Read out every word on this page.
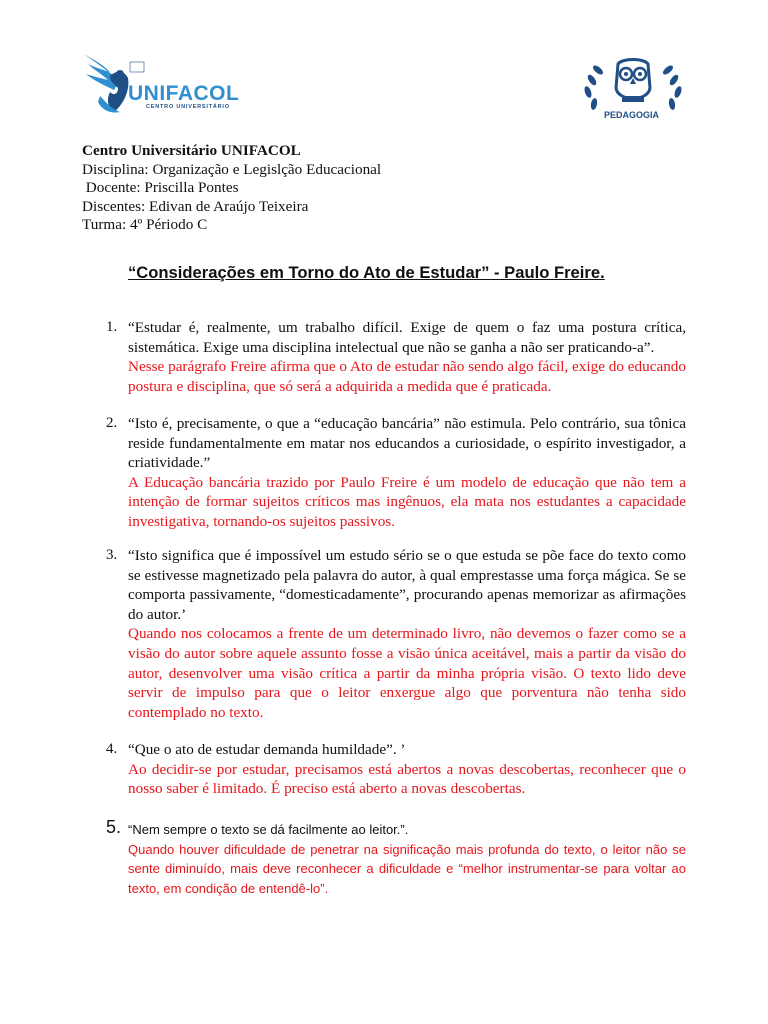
UNIFACOL
CENTRO UNIVERSITÁRIO
PEDAGOGIA
Centro Universitário UNIFACOL
Disciplina: Organização e Legislção Educacional
Docente: Priscilla Pontes
Discentes: Edivan de Araújo Teixeira
Turma: 4º Périodo C
“Considerações em Torno do Ato de Estudar” - Paulo Freire.
1. “Estudar é, realmente, um trabalho difícil. Exige de quem o faz uma postura crítica, sistemática. Exige uma disciplina intelectual que não se ganha a não ser praticando-a”.
Nesse parágrafo Freire afirma que o Ato de estudar não sendo algo fácil, exige do educando postura e disciplina, que só será a adquirida a medida que é praticada.
2. “Isto é, precisamente, o que a “educação bancária” não estimula. Pelo contrário, sua tônica reside fundamentalmente em matar nos educandos a curiosidade, o espírito investigador, a criatividade.”
A Educação bancária trazido por Paulo Freire é um modelo de educação que não tem a intenção de formar sujeitos críticos mas ingênuos, ela mata nos estudantes a capacidade investigativa, tornando-os sujeitos passivos.
3. “Isto significa que é impossível um estudo sério se o que estuda se põe face do texto como se estivesse magnetizado pela palavra do autor, à qual emprestasse uma força mágica. Se se comporta passivamente, “domesticadamente”, procurando apenas memorizar as afirmações do autor.’
Quando nos colocamos a frente de um determinado livro, não devemos o fazer como se a visão do autor sobre aquele assunto fosse a visão única aceitável, mais a partir da visão do autor, desenvolver uma visão crítica a partir da minha própria visão. O texto lido deve servir de impulso para que o leitor enxergue algo que porventura não tenha sido contemplado no texto.
4. “Que o ato de estudar demanda humildade”. ’
Ao decidir-se por estudar, precisamos está abertos a novas descobertas, reconhecer que o nosso saber é limitado. É preciso está aberto a novas descobertas.
5. “Nem sempre o texto se dá facilmente ao leitor.”.
Quando houver dificuldade de penetrar na significação mais profunda do texto, o leitor não se sente diminuído, mais deve reconhecer a dificuldade e “melhor instrumentar-se para voltar ao texto, em condição de entendê-lo”.
